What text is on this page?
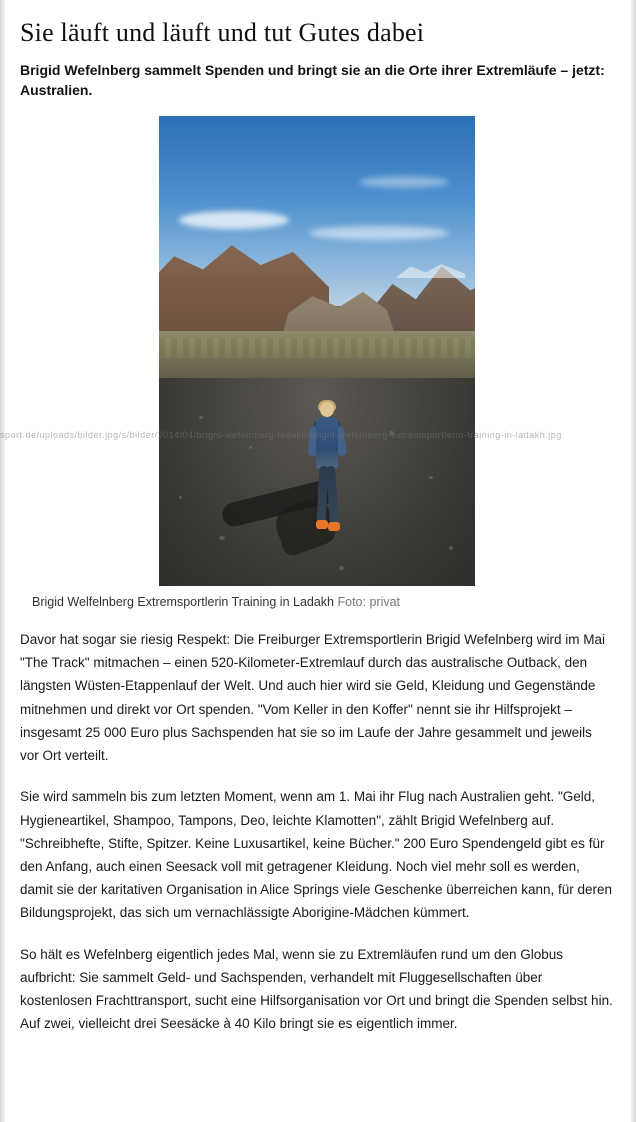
Sie läuft und läuft und tut Gutes dabei
Brigid Wefelnberg sammelt Spenden und bringt sie an die Orte ihrer Extremläufe – jetzt: Australien.
Brigid Welfelnberg Extremsportlerin Training in Ladakh Foto: privat

Davor hat sogar sie riesig Respekt: Die Freiburger Extremsportlerin Brigid Wefelnberg wird im Mai "The Track" mitmachen – einen 520-Kilometer-Extremlauf durch das australische Outback, den längsten Wüsten-Etappenlauf der Welt. Und auch hier wird sie Geld, Kleidung und Gegenstände mitnehmen und direkt vor Ort spenden. "Vom Keller in den Koffer" nennt sie ihr Hilfsprojekt – insgesamt 25 000 Euro plus Sachspenden hat sie so im Laufe der Jahre gesammelt und jeweils vor Ort verteilt.

Sie wird sammeln bis zum letzten Moment, wenn am 1. Mai ihr Flug nach Australien geht. "Geld, Hygieneartikel, Shampoo, Tampons, Deo, leichte Klamotten", zählt Brigid Wefelnberg auf. "Schreibhefte, Stifte, Spitzer. Keine Luxusartikel, keine Bücher." 200 Euro Spendengeld gibt es für den Anfang, auch einen Seesack voll mit getragener Kleidung. Noch viel mehr soll es werden, damit sie der karitativen Organisation in Alice Springs viele Geschenke überreichen kann, für deren Bildungsprojekt, das sich um vernachlässigte Aborigine-Mädchen kümmert.

So hält es Wefelnberg eigentlich jedes Mal, wenn sie zu Extremläufen rund um den Globus aufbricht: Sie sammelt Geld- und Sachspenden, verhandelt mit Fluggesellschaften über kostenlosen Frachttransport, sucht eine Hilfsorganisation vor Ort und bringt die Spenden selbst hin. Auf zwei, vielleicht drei Seesäcke à 40 Kilo bringt sie es eigentlich immer.

sport.de/uploads/bilder.jpg/s/bilder/2014/04/brigid-wefelnberg-ladakh/brigid-wefelnberg-extremsportlerin-training-in-ladakh.jpg
